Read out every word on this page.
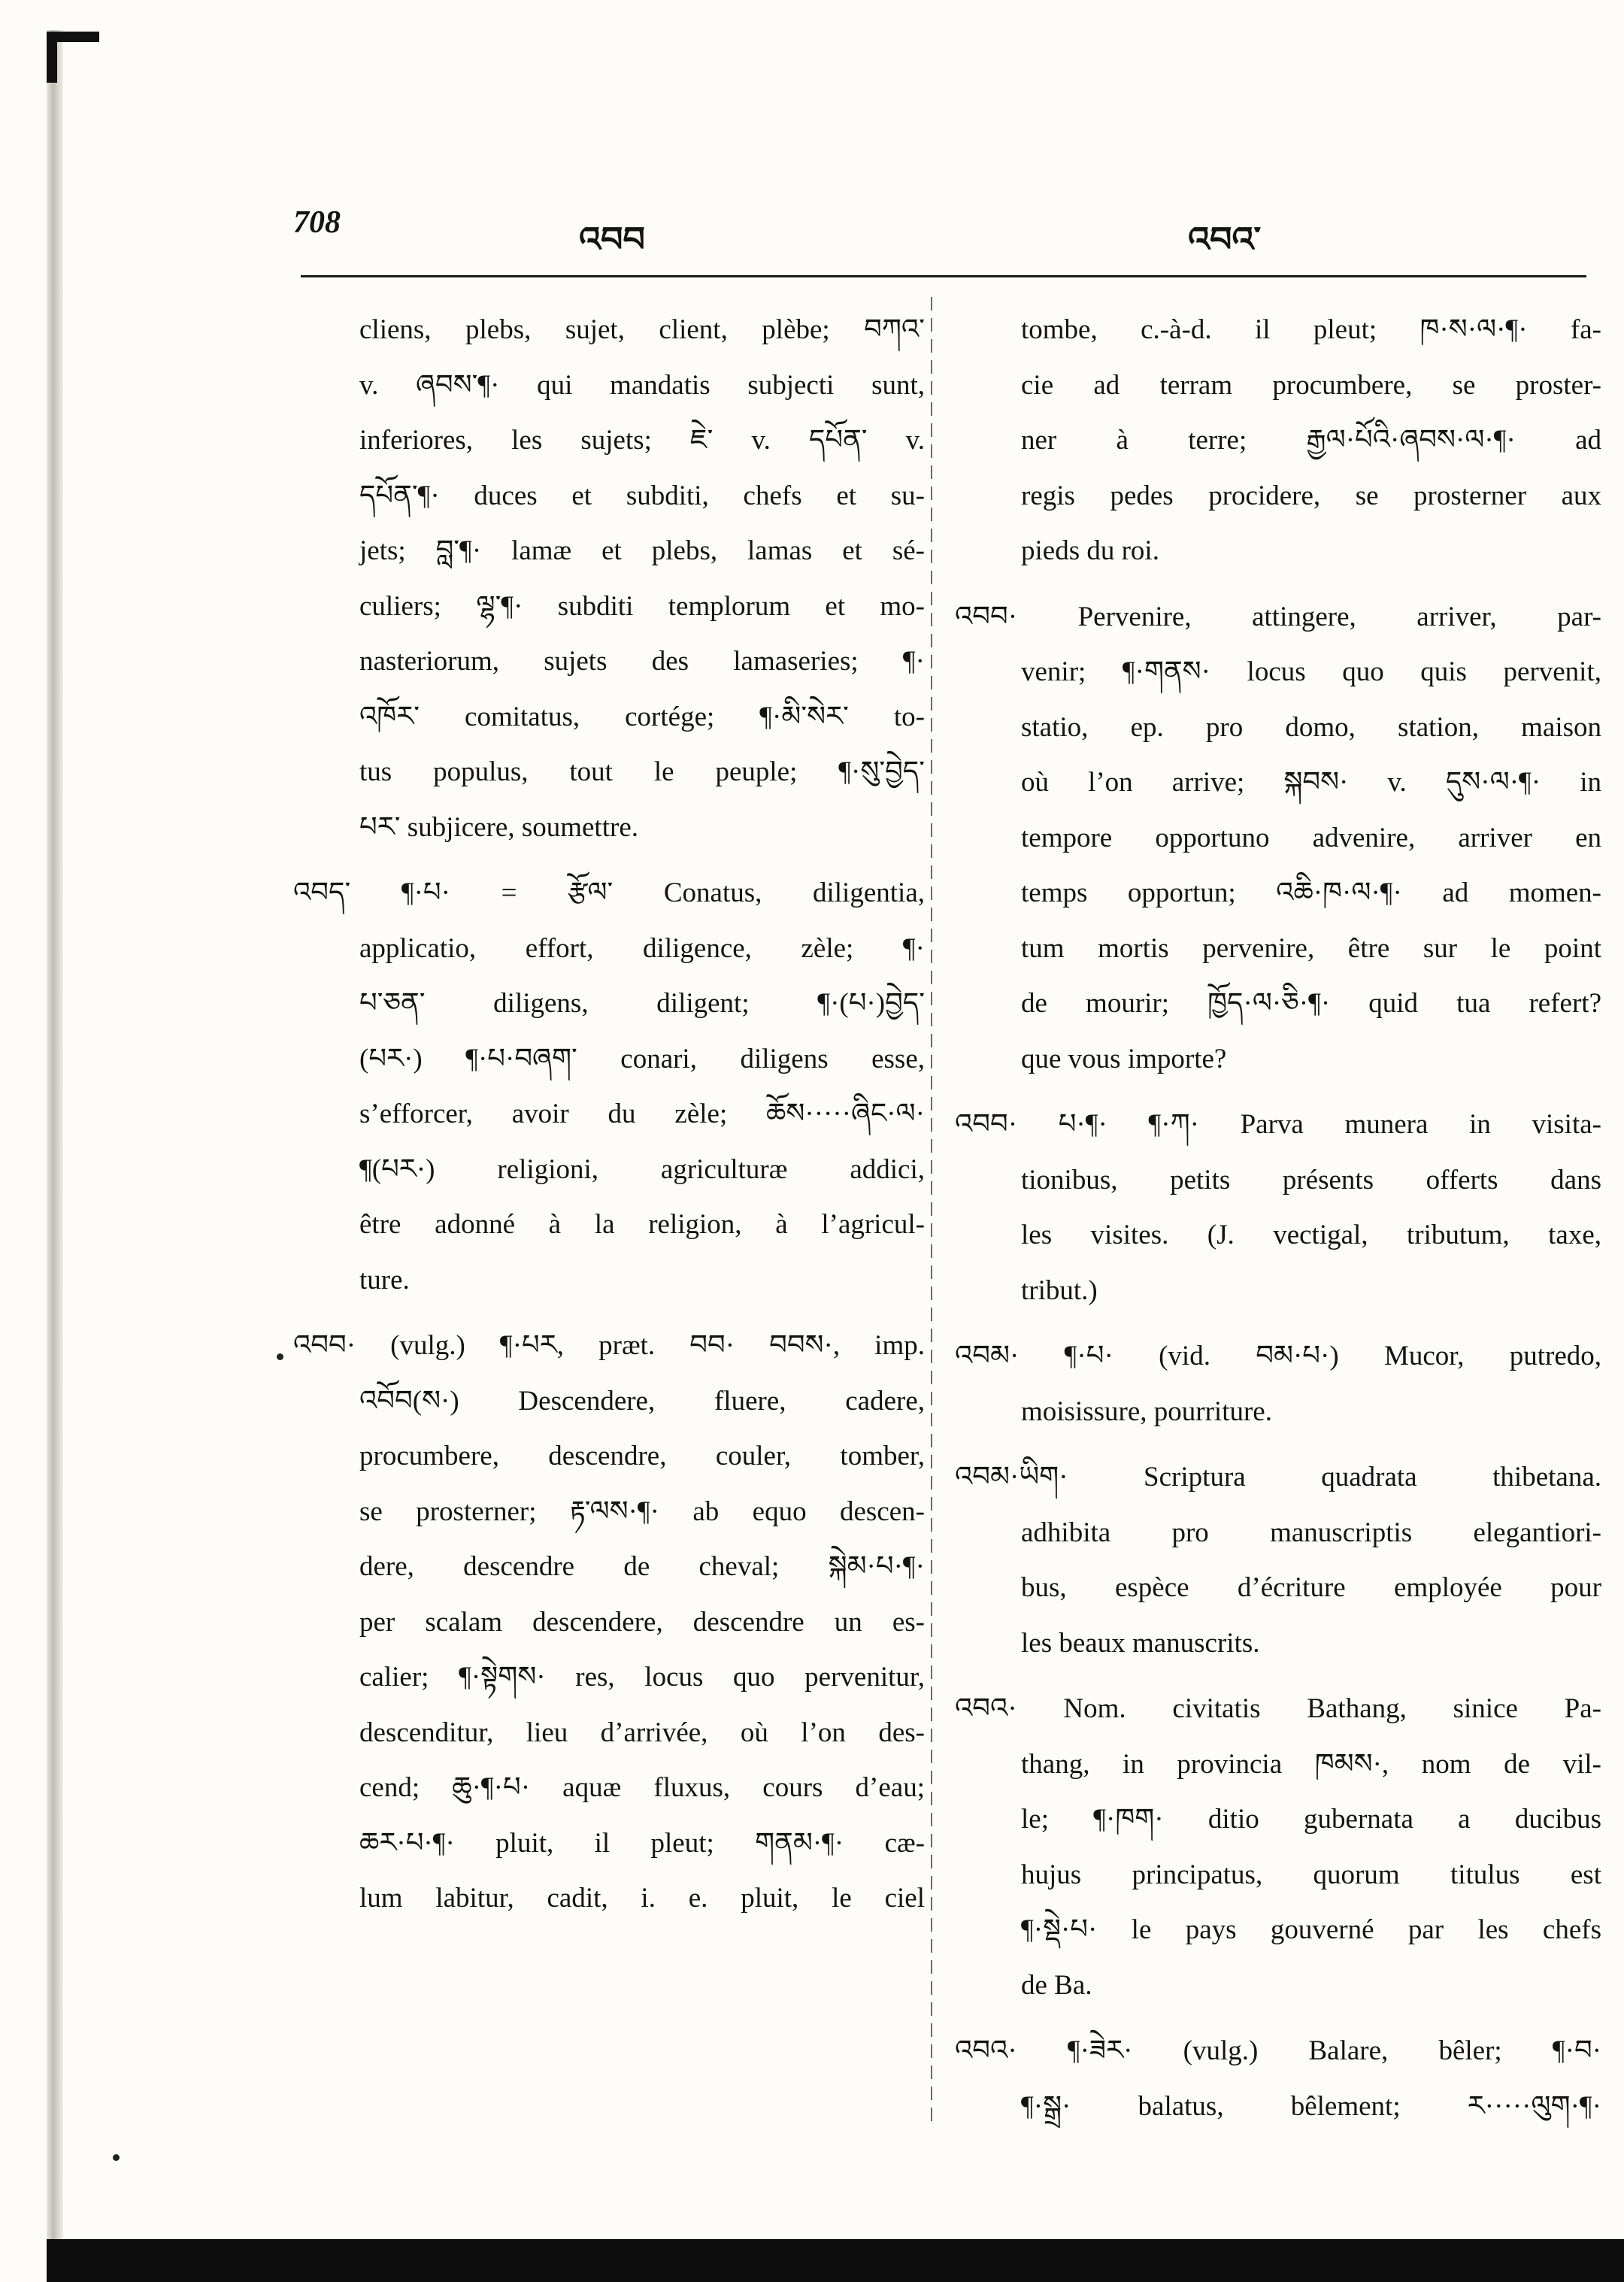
708	འབབ	འབའ་
cliens, plebs, sujet, client, plèbe; བཀའ་
v. ཞབས་¶· qui mandatis subjecti sunt,
inferiores, les sujets; ཇེ་ v. དཔོན་ v.
དཔོན་¶· duces et subditi, chefs et su-
jets; བླ་¶· lamæ et plebs, lamas et sé-
culiers; ལྷ་¶· subditi templorum et mo-
nasteriorum, sujets des lamaseries; ¶·
འཁོར་ comitatus, cortége; ¶·མི་སེར་ to-
tus populus, tout le peuple; ¶·སུ་བྱེད་
པར་ subjicere, soumettre.
འབད་ ¶·པ· = རྩོལ་ Conatus, diligentia,
applicatio, effort, diligence, zèle; ¶·
པ་ཅན་ diligens, diligent; ¶·(པ·)བྱེད་
(པར·) ¶·པ·བཞག་ conari, diligens esse,
s’efforcer, avoir du zèle; ཆོས·····ཞིང·ལ·
¶(པར·) religioni, agriculturæ addici,
être adonné à la religion, à l’agricul-
ture.
འབབ· (vulg.) ¶·པར, præt. བབ· བབས·, imp.
འབོབ(ས·) Descendere, fluere, cadere,
procumbere, descendre, couler, tomber,
se prosterner; རྟ་ལས·¶· ab equo descen-
dere, descendre de cheval; སྐེམ·པ·¶·
per scalam descendere, descendre un es-
calier; ¶·སྟེགས· res, locus quo pervenitur,
descenditur, lieu d’arrivée, où l’on des-
cend; ཆུ·¶·པ· aquæ fluxus, cours d’eau;
ཆར·པ·¶· pluit, il pleut; གནམ·¶· cæ-
lum labitur, cadit, i. e. pluit, le ciel
tombe, c.-à-d. il pleut; ཁ·ས·ལ·¶· fa-
cie ad terram procumbere, se proster-
ner à terre; རྒྱལ·པོའི·ཞབས·ལ·¶· ad
regis pedes procidere, se prosterner aux
pieds du roi.
འབབ· Pervenire, attingere, arriver, par-
venir; ¶·གནས· locus quo quis pervenit,
statio, ep. pro domo, station, maison
où l’on arrive; སྐབས· v. དུས·ལ·¶· in
tempore opportuno advenire, arriver en
temps opportun; འཆི·ཁ·ལ·¶· ad momen-
tum mortis pervenire, être sur le point
de mourir; ཁྱོད·ལ·ཅི·¶· quid tua refert?
que vous importe?
འབབ· པ·¶· ¶·ཀ· Parva munera in visita-
tionibus, petits présents offerts dans
les visites. (J. vectigal, tributum, taxe,
tribut.)
འབམ· ¶·པ· (vid. བམ·པ·) Mucor, putredo,
moisissure, pourriture.
འབམ·ཡིག· Scriptura quadrata thibetana.
adhibita pro manuscriptis elegantiori-
bus, espèce d’écriture employée pour
les beaux manuscrits.
འབའ· Nom. civitatis Bathang, sinice Pa-
thang, in provincia ཁམས·, nom de vil-
le; ¶·ཁག· ditio gubernata a ducibus
hujus principatus, quorum titulus est
¶·སྡེ·པ· le pays gouverné par les chefs
de Ba.
འབའ· ¶·ཟེར· (vulg.) Balare, bêler; ¶·བ·
¶·སྒྲ· balatus, bêlement; ར·····ལུག·¶·
